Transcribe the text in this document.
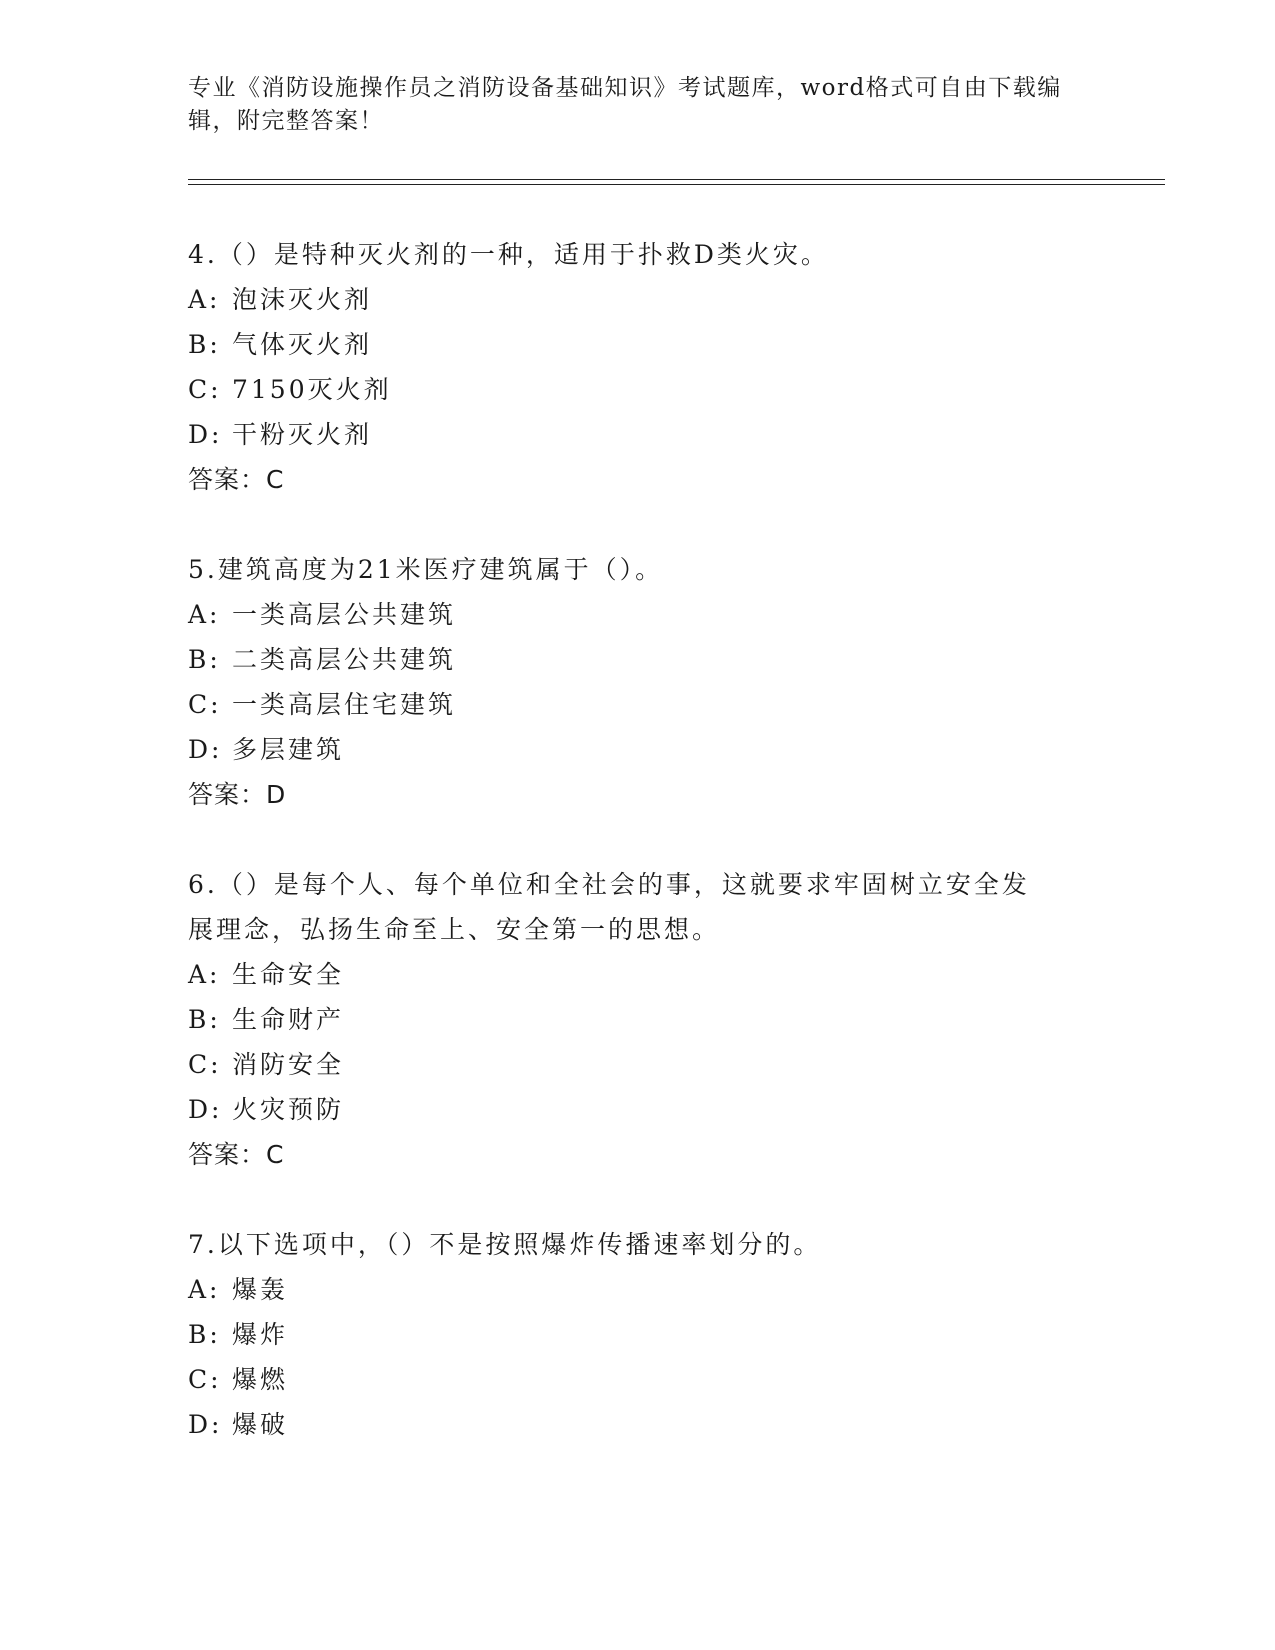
专业《消防设施操作员之消防设备基础知识》考试题库，word格式可自由下载编辑，附完整答案！
4.（）是特种灭火剂的一种，适用于扑救D类火灾。
A: 泡沫灭火剂
B: 气体灭火剂
C: 7150灭火剂
D: 干粉灭火剂
答案：C
5.建筑高度为21米医疗建筑属于（）。
A: 一类高层公共建筑
B: 二类高层公共建筑
C: 一类高层住宅建筑
D: 多层建筑
答案：D
6.（）是每个人、每个单位和全社会的事，这就要求牢固树立安全发
展理念，弘扬生命至上、安全第一的思想。
A: 生命安全
B: 生命财产
C: 消防安全
D: 火灾预防
答案：C
7.以下选项中，（）不是按照爆炸传播速率划分的。
A: 爆轰
B: 爆炸
C: 爆燃
D: 爆破
